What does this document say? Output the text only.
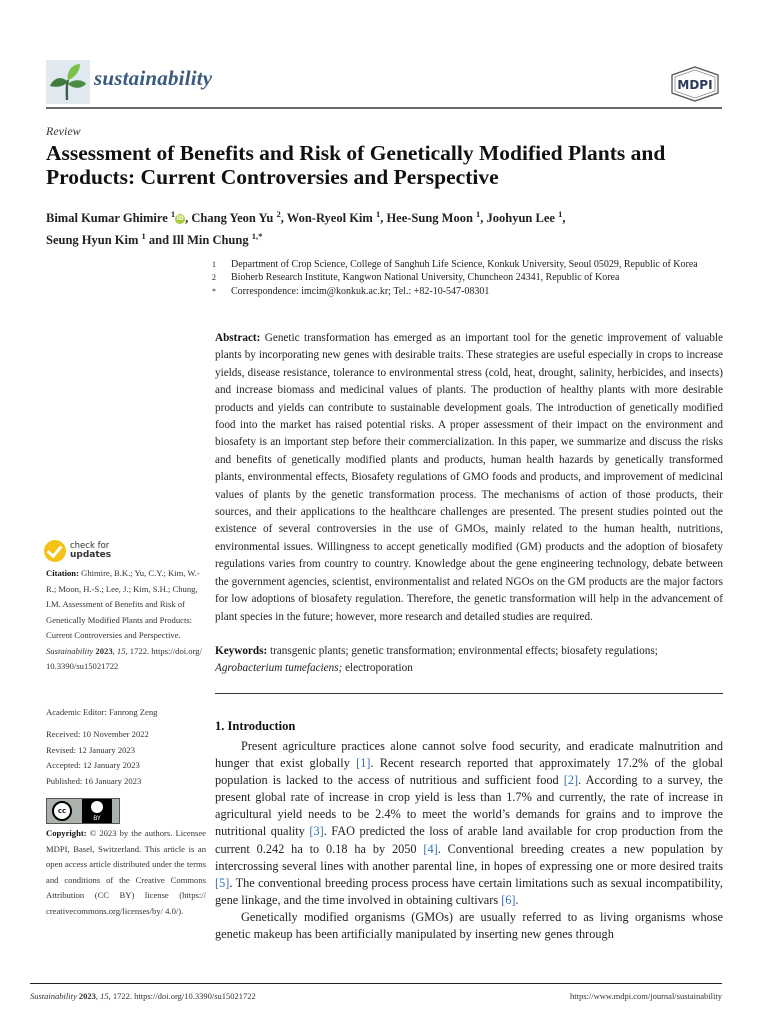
sustainability	MDPI
Review
Assessment of Benefits and Risk of Genetically Modified Plants and Products: Current Controversies and Perspective
Bimal Kumar Ghimire $^1$iD, Chang Yeon Yu $^2$, Won-Ryeol Kim $^1$, Hee-Sung Moon $^1$, Joohyun Lee $^1$,
Seung Hyun Kim $^1$ and Ill Min Chung $^{1,*}$
1	Department of Crop Science, College of Sanghuh Life Science, Konkuk University, Seoul 05029, Republic of Korea
2	Bioherb Research Institute, Kangwon National University, Chuncheon 24341, Republic of Korea
*	Correspondence: imcim@konkuk.ac.kr; Tel.: +82-10-547-08301
Abstract: Genetic transformation has emerged as an important tool for the genetic improvement of valuable plants by incorporating new genes with desirable traits. These strategies are useful especially in crops to increase yields, disease resistance, tolerance to environmental stress (cold, heat, drought, salinity, herbicides, and insects) and increase biomass and medicinal values of plants. The production of healthy plants with more desirable products and yields can contribute to sustainable development goals. The introduction of genetically modified food into the market has raised potential risks. A proper assessment of their impact on the environment and biosafety is an important step before their commercialization. In this paper, we summarize and discuss the risks and benefits of genetically modified plants and products, human health hazards by genetically transformed plants, environmental effects, Biosafety regulations of GMO foods and products, and improvement of medicinal values of plants by the genetic transformation process. The mechanisms of action of those products, their sources, and their applications to the healthcare challenges are presented. The present studies pointed out the existence of several controversies in the use of GMOs, mainly related to the human health, nutritions, environmental issues. Willingness to accept genetically modified (GM) products and the adoption of biosafety regulations varies from country to country. Knowledge about the gene engineering technology, debate between the government agencies, scientist, environmentalist and related NGOs on the GM products are the major factors for low adoptions of biosafety regulation. Therefore, the genetic transformation will help in the advancement of plant species in the future; however, more research and detailed studies are required.
Keywords: transgenic plants; genetic transformation; environmental effects; biosafety regulations;
Agrobacterium tumefaciens; electroporation
check for
updates
Citation: Ghimire, B.K.; Yu, C.Y.; Kim, W.-R.; Moon, H.-S.; Lee, J.; Kim, S.H.; Chung, I.M. Assessment of Benefits and Risk of Genetically Modified Plants and Products: Current Controversies and Perspective. Sustainability 2023, 15, 1722. https://doi.org/ 10.3390/su15021722
Academic Editor: Fanrong Zeng
Received: 10 November 2022
Revised: 12 January 2023
Accepted: 12 January 2023
Published: 16 January 2023
cc
BY
Copyright: © 2023 by the authors. Licensee MDPI, Basel, Switzerland. This article is an open access article distributed under the terms and conditions of the Creative Commons Attribution (CC BY) license (https:// creativecommons.org/licenses/by/ 4.0/).
1. Introduction

Present agriculture practices alone cannot solve food security, and eradicate malnutrition and hunger that exist globally [1]. Recent research reported that approximately 17.2% of the global population is lacked to the access of nutritious and sufficient food [2]. According to a survey, the present global rate of increase in crop yield is less than 1.7% and currently, the rate of increase in agricultural yield needs to be 2.4% to meet the world’s demands for grains and to improve the nutritional quality [3]. FAO predicted the loss of arable land available for crop production from the current 0.242 ha to 0.18 ha by 2050 [4]. Conventional breeding creates a new population by intercrossing several lines with another parental line, in hopes of expressing one or more desired traits [5]. The conventional breeding process process have certain limitations such as sexual incompatibility, gene linkage, and the time involved in obtaining cultivars [6].

Genetically modified organisms (GMOs) are usually referred to as living organisms whose genetic makeup has been artificially manipulated by inserting new genes through

Sustainability 2023, 15, 1722. https://doi.org/10.3390/su15021722	https://www.mdpi.com/journal/sustainability
